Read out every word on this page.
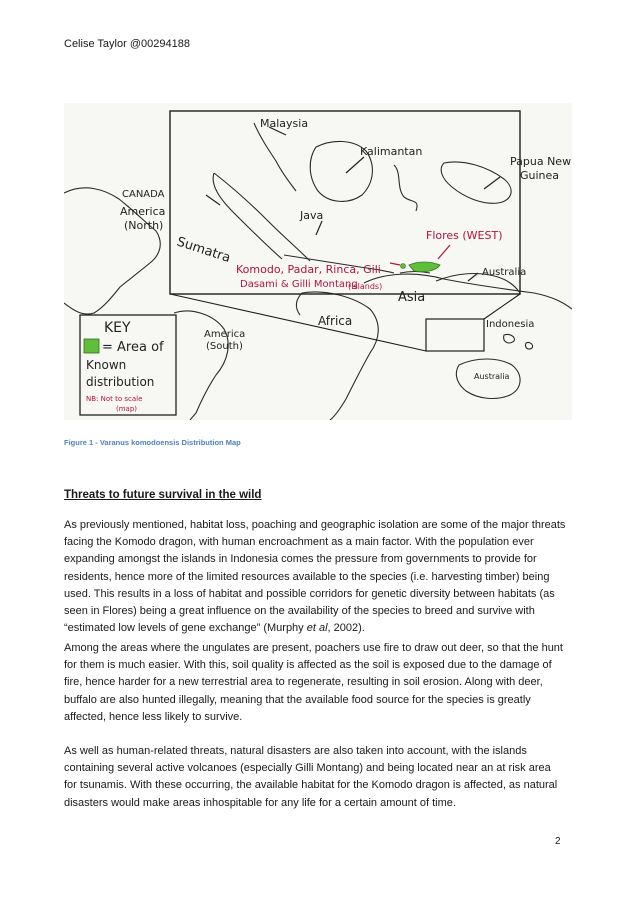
Celise Taylor @00294188
Malaysia
Kalimantan
Papua New
Guinea
CANADA
America
(North)
Sumatra
Java
Flores (WEST)
Komodo, Padar, Rinca, Gili
Dasami & Gilli Montang
(Islands)
Australia
Asia
Africa	Indonesia
America
(South)
Australia
KEY
= Area of
Known
distribution
NB: Not to scale
(map)
Figure 1 - Varanus komodoensis Distribution Map
Threats to future survival in the wild

As previously mentioned, habitat loss, poaching and geographic isolation are some of the major threats facing the Komodo dragon, with human encroachment as a main factor. With the population ever expanding amongst the islands in Indonesia comes the pressure from governments to provide for residents, hence more of the limited resources available to the species (i.e. harvesting timber) being used. This results in a loss of habitat and possible corridors for genetic diversity between habitats (as seen in Flores) being a great influence on the availability of the species to breed and survive with “estimated low levels of gene exchange” (Murphy et al, 2002).

Among the areas where the ungulates are present, poachers use fire to draw out deer, so that the hunt for them is much easier. With this, soil quality is affected as the soil is exposed due to the damage of fire, hence harder for a new terrestrial area to regenerate, resulting in soil erosion. Along with deer, buffalo are also hunted illegally, meaning that the available food source for the species is greatly affected, hence less likely to survive.

As well as human-related threats, natural disasters are also taken into account, with the islands containing several active volcanoes (especially Gilli Montang) and being located near an at risk area for tsunamis. With these occurring, the available habitat for the Komodo dragon is affected, as natural disasters would make areas inhospitable for any life for a certain amount of time.

2
